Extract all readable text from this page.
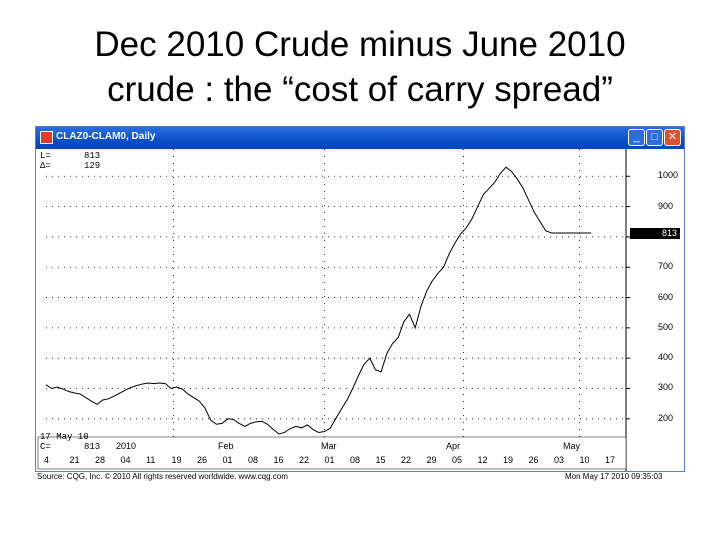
Dec 2010 Crude minus June 2010
crude : the “cost of carry spread”
CLAZ0-CLAM0, Daily	_	□ ✕
L=	813
Δ=	129
17 May 10
C=	813
813
200
300
400
500
600
700
900
1000
4 21 28 04 11 19 26 01 08 16 22 01 08 15 22 29 05 12 19 26 03 10 17
2010	Feb	Mar	Apr	May
Source: CQG, Inc. © 2010 All rights reserved worldwide. www.cqg.com	Mon May 17 2010 09:35:03
